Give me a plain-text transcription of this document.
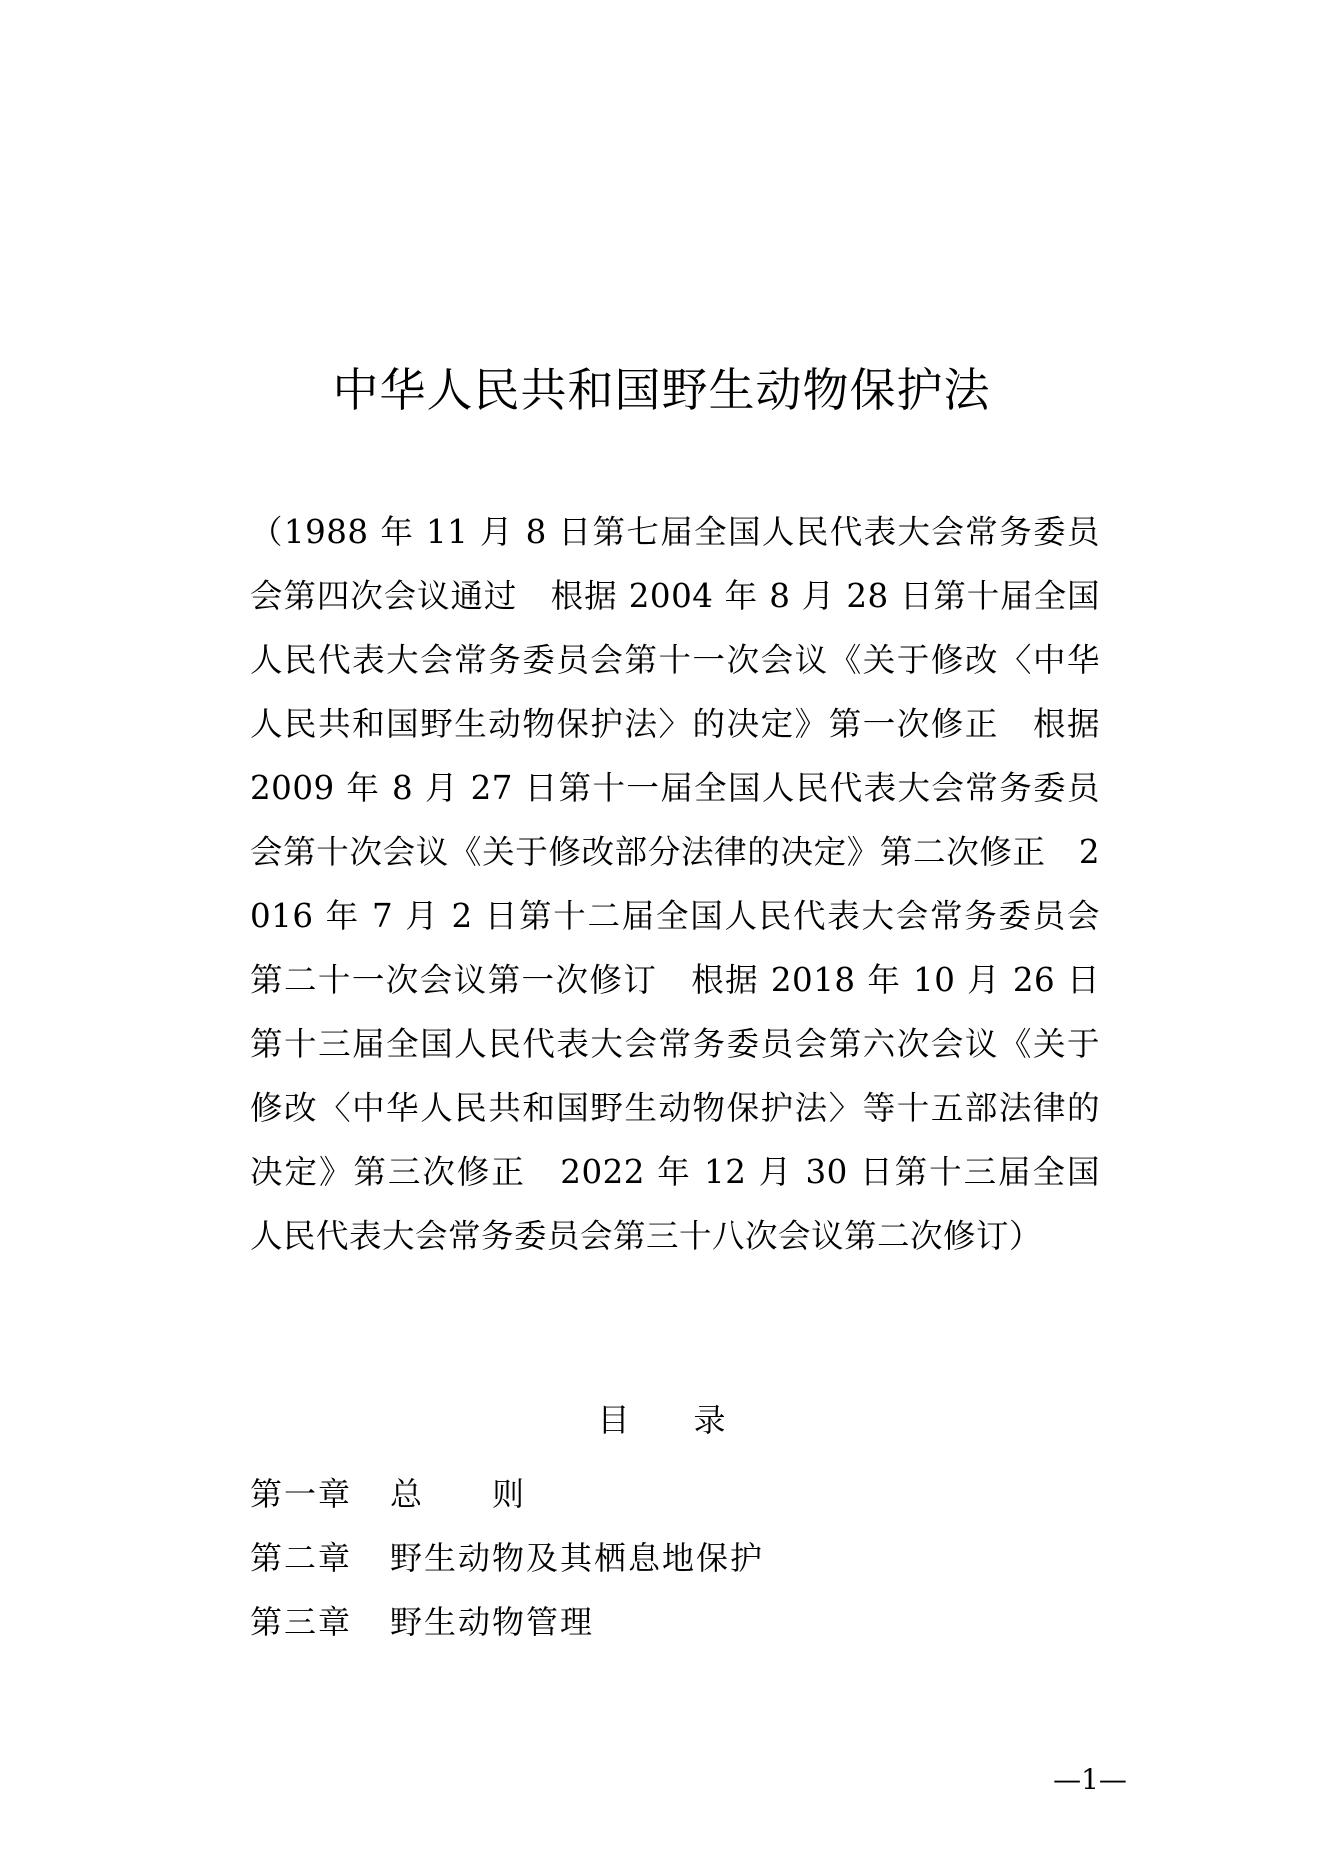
中华人民共和国野生动物保护法

（1988 年 11 月 8 日第七届全国人民代表大会常务委员会第四次会议通过　根据 2004 年 8 月 28 日第十届全国人民代表大会常务委员会第十一次会议《关于修改〈中华人民共和国野生动物保护法〉的决定》第一次修正　根据 2009 年 8 月 27 日第十一届全国人民代表大会常务委员会第十次会议《关于修改部分法律的决定》第二次修正　2016 年 7 月 2 日第十二届全国人民代表大会常务委员会第二十一次会议第一次修订　根据 2018 年 10 月 26 日第十三届全国人民代表大会常务委员会第六次会议《关于修改〈中华人民共和国野生动物保护法〉等十五部法律的决定》第三次修正　2022 年 12 月 30 日第十三届全国人民代表大会常务委员会第三十八次会议第二次修订）

目　　录
第一章 总　　则
第二章 野生动物及其栖息地保护
第三章 野生动物管理
—1—
